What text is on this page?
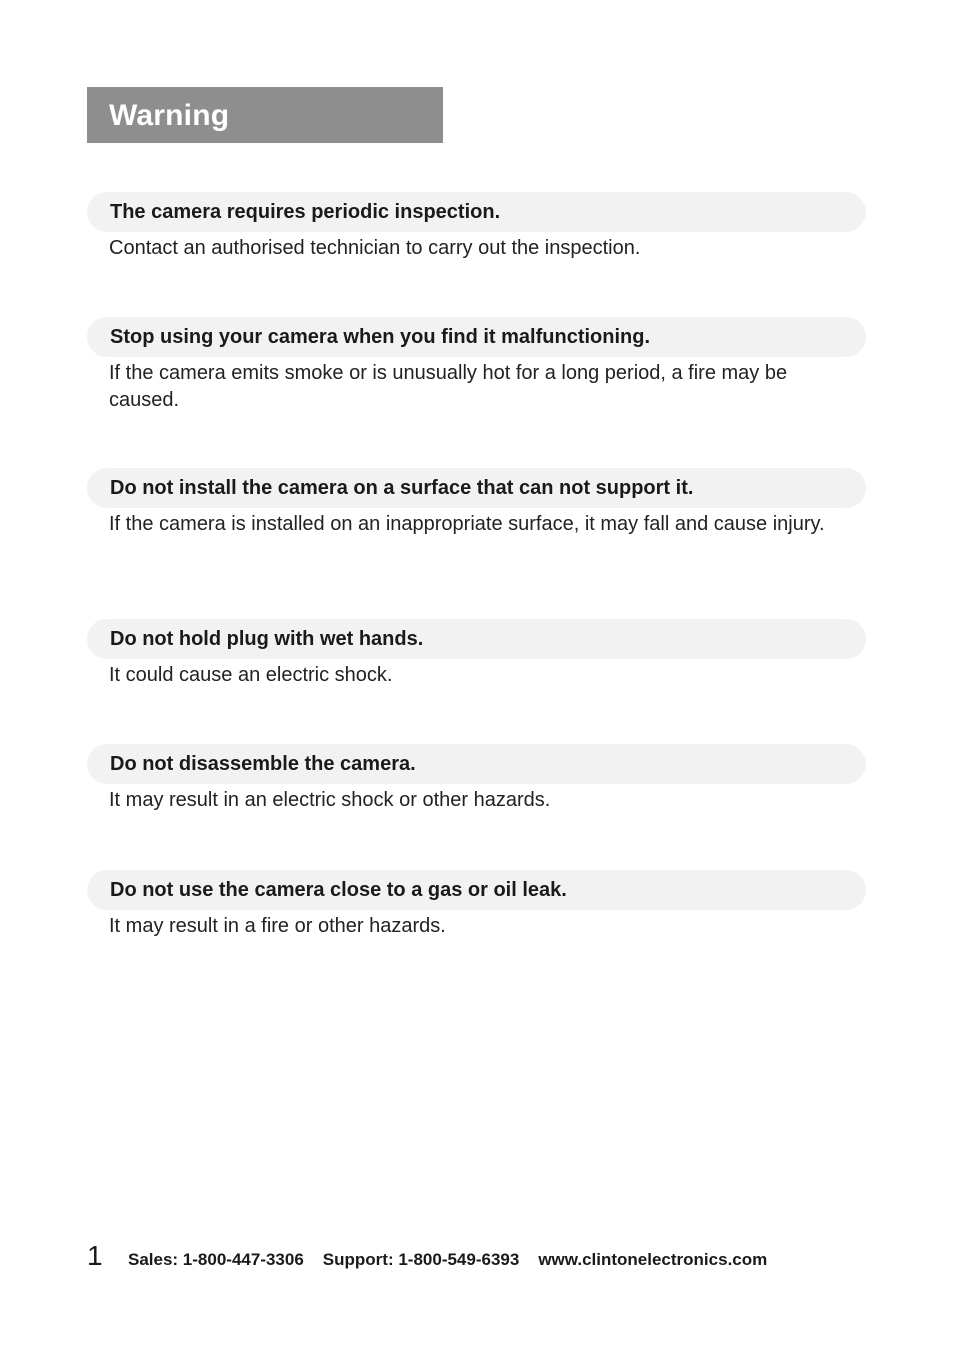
Warning
The camera requires periodic inspection.
Contact an authorised technician to carry out the inspection.
Stop using your camera when you find it malfunctioning.
If the camera emits smoke or is unusually hot for a long period, a fire may be caused.
Do not install the camera on a surface that can not support it.
If the camera is installed on an inappropriate surface, it may fall and cause injury.
Do not hold plug with wet hands.
It could cause an electric shock.
Do not disassemble the camera.
It may result in an electric shock or other hazards.
Do not use the camera close to a gas or oil leak.
It may result in a fire or other hazards.
1	Sales: 1-800-447-3306 Support: 1-800-549-6393 www.clintonelectronics.com
